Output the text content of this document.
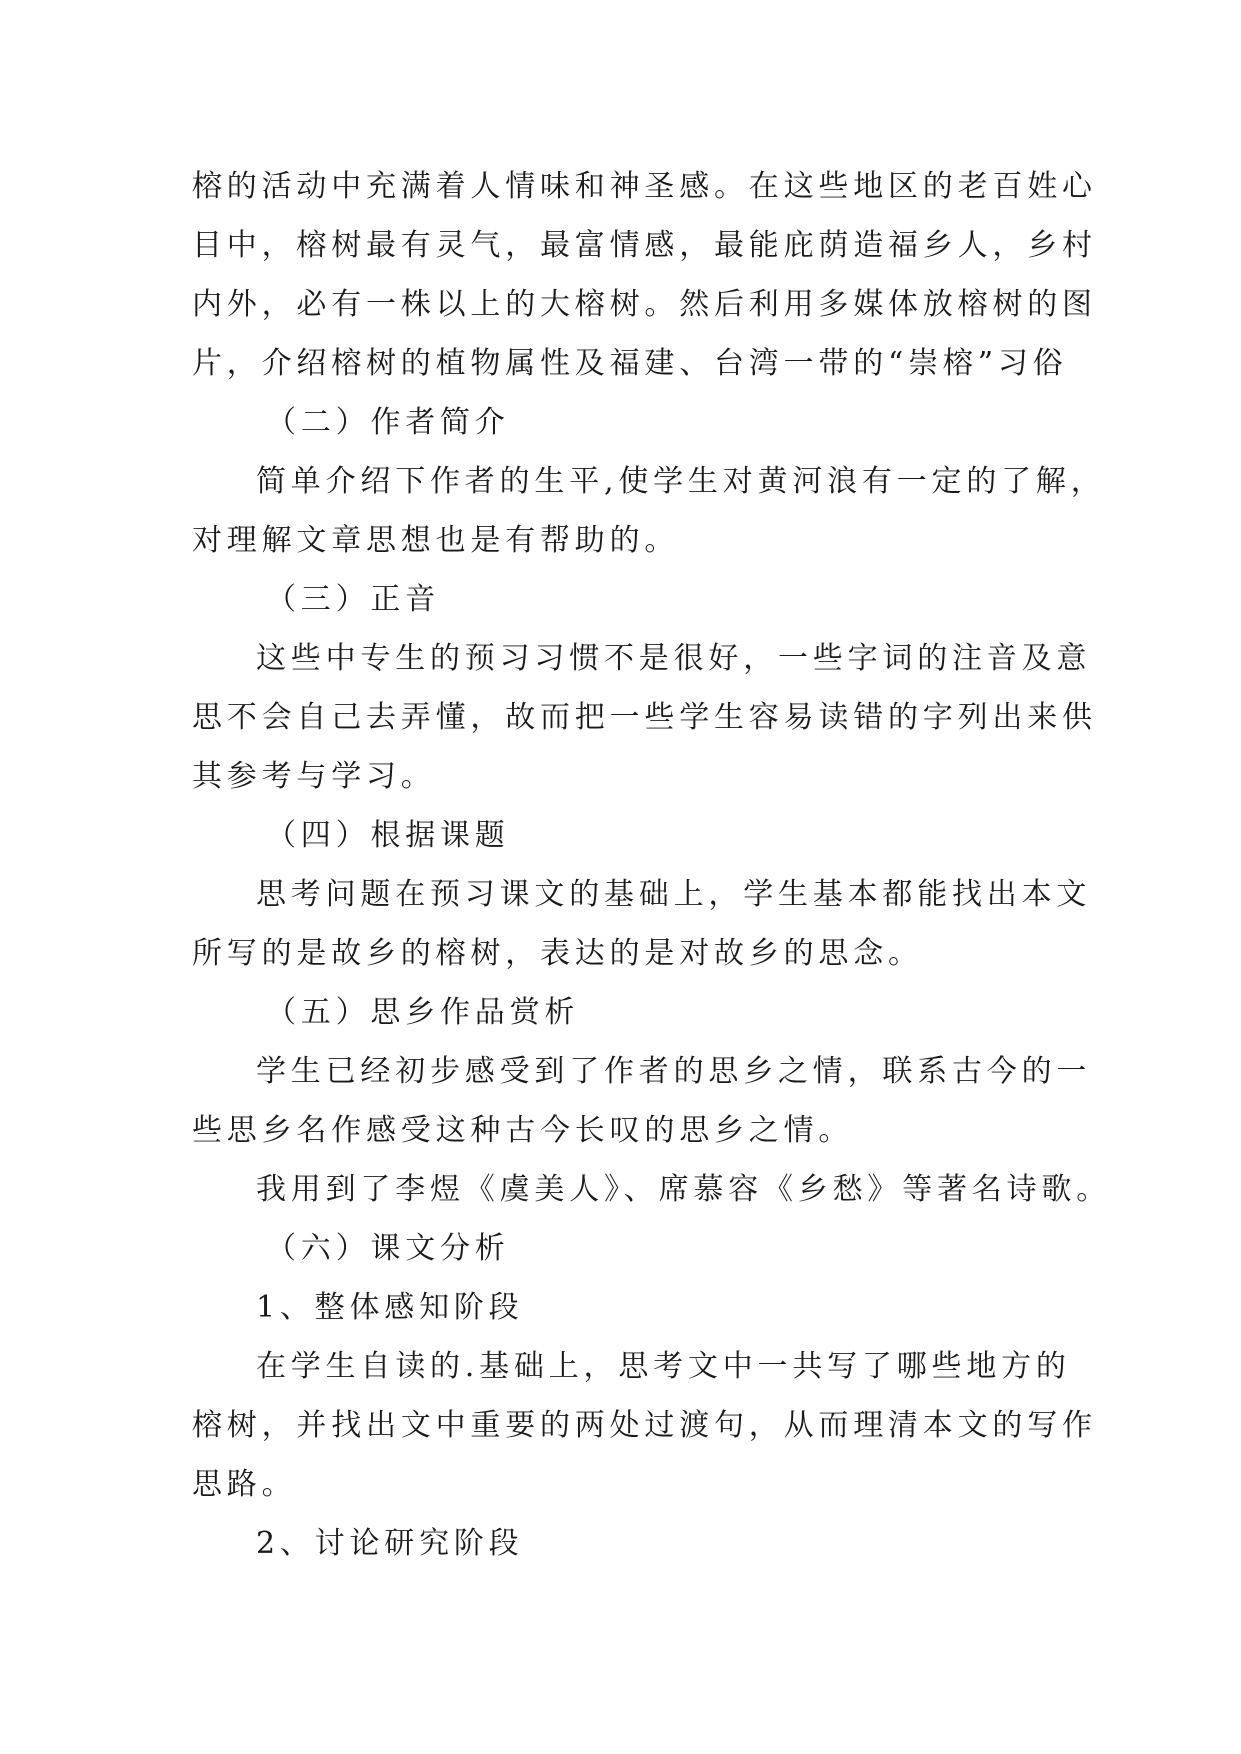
榕的活动中充满着人情味和神圣感。在这些地区的老百姓心
目中，榕树最有灵气，最富情感，最能庇荫造福乡人，乡村
内外，必有一株以上的大榕树。然后利用多媒体放榕树的图
片，介绍榕树的植物属性及福建、台湾一带的“崇榕”习俗
（二）作者简介
简单介绍下作者的生平,使学生对黄河浪有一定的了解，
对理解文章思想也是有帮助的。
（三）正音
这些中专生的预习习惯不是很好，一些字词的注音及意
思不会自己去弄懂，故而把一些学生容易读错的字列出来供
其参考与学习。
（四）根据课题
思考问题在预习课文的基础上，学生基本都能找出本文
所写的是故乡的榕树，表达的是对故乡的思念。
（五）思乡作品赏析
学生已经初步感受到了作者的思乡之情，联系古今的一
些思乡名作感受这种古今长叹的思乡之情。
我用到了李煜《虞美人》、席慕容《乡愁》等著名诗歌。
（六）课文分析
1、整体感知阶段
在学生自读的.基础上，思考文中一共写了哪些地方的
榕树，并找出文中重要的两处过渡句，从而理清本文的写作
思路。
2、讨论研究阶段
